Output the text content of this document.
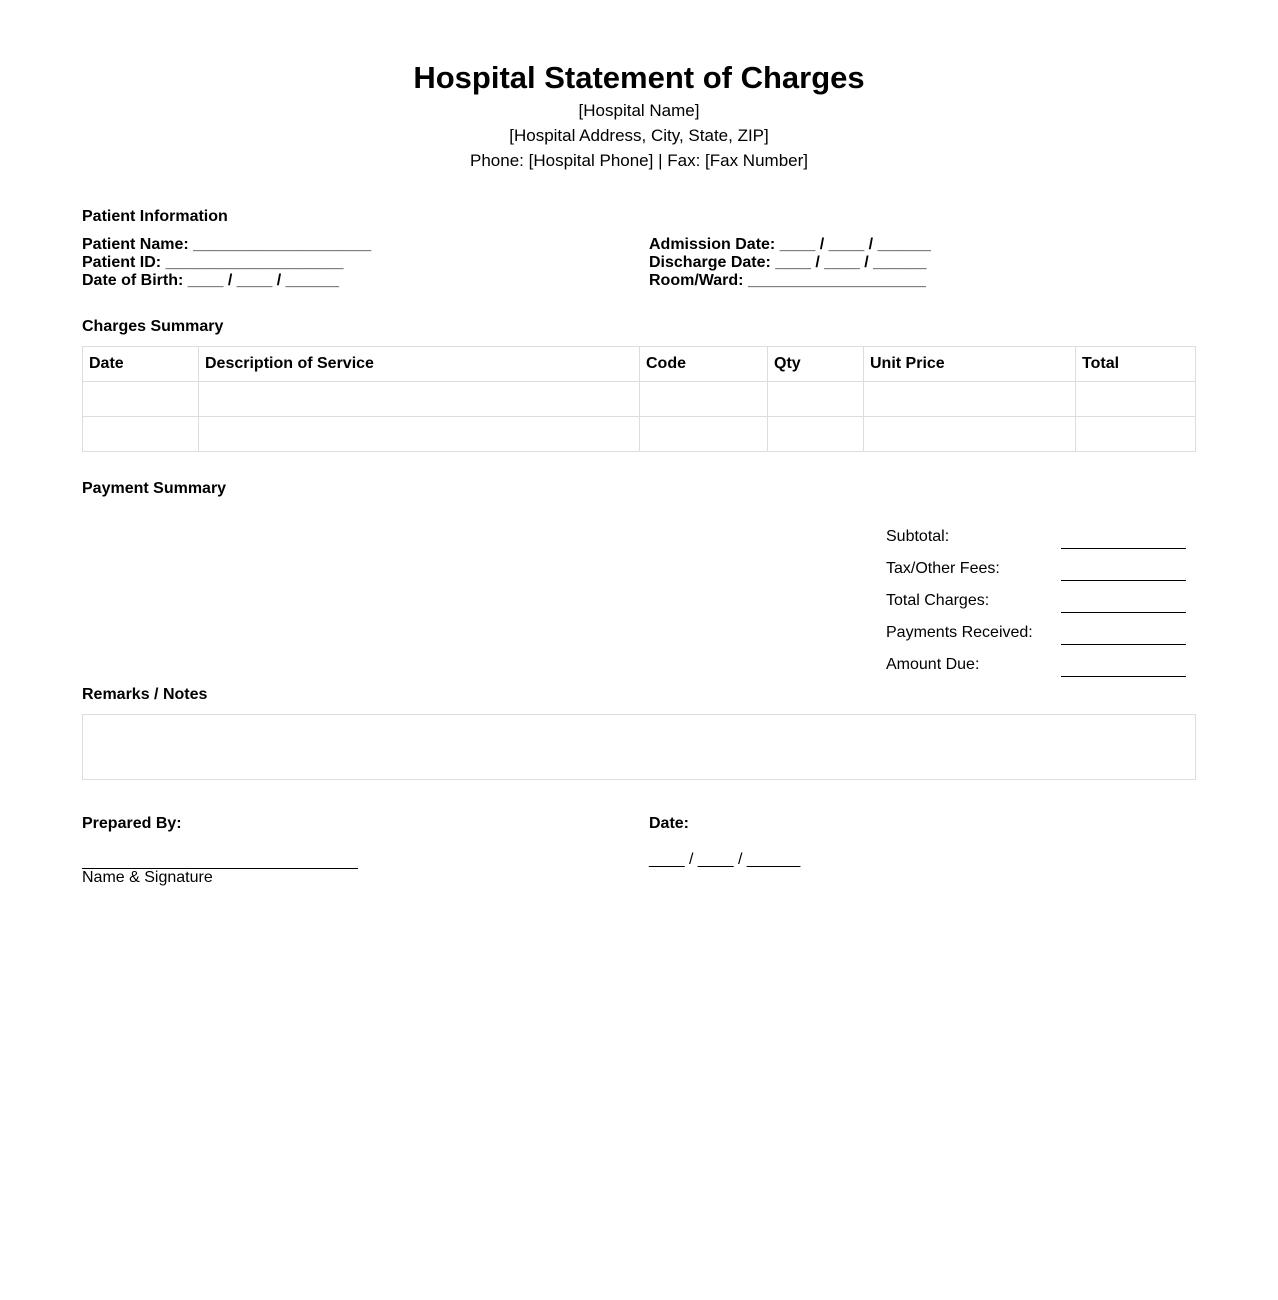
Hospital Statement of Charges
[Hospital Name]
[Hospital Address, City, State, ZIP]
Phone: [Hospital Phone] | Fax: [Fax Number]
Patient Information
Patient Name: ____________________
Patient ID: ____________________
Date of Birth: ____ / ____ / ______
Admission Date: ____ / ____ / ______
Discharge Date: ____ / ____ / ______
Room/Ward: ____________________
Charges Summary
Date	Description of Service	Code	Qty	Unit Price	Total

Payment Summary
Subtotal:
Tax/Other Fees:
Total Charges:
Payments Received:
Amount Due:
Remarks / Notes
Prepared By:
Name & Signature
Date:
____ / ____ / ______
